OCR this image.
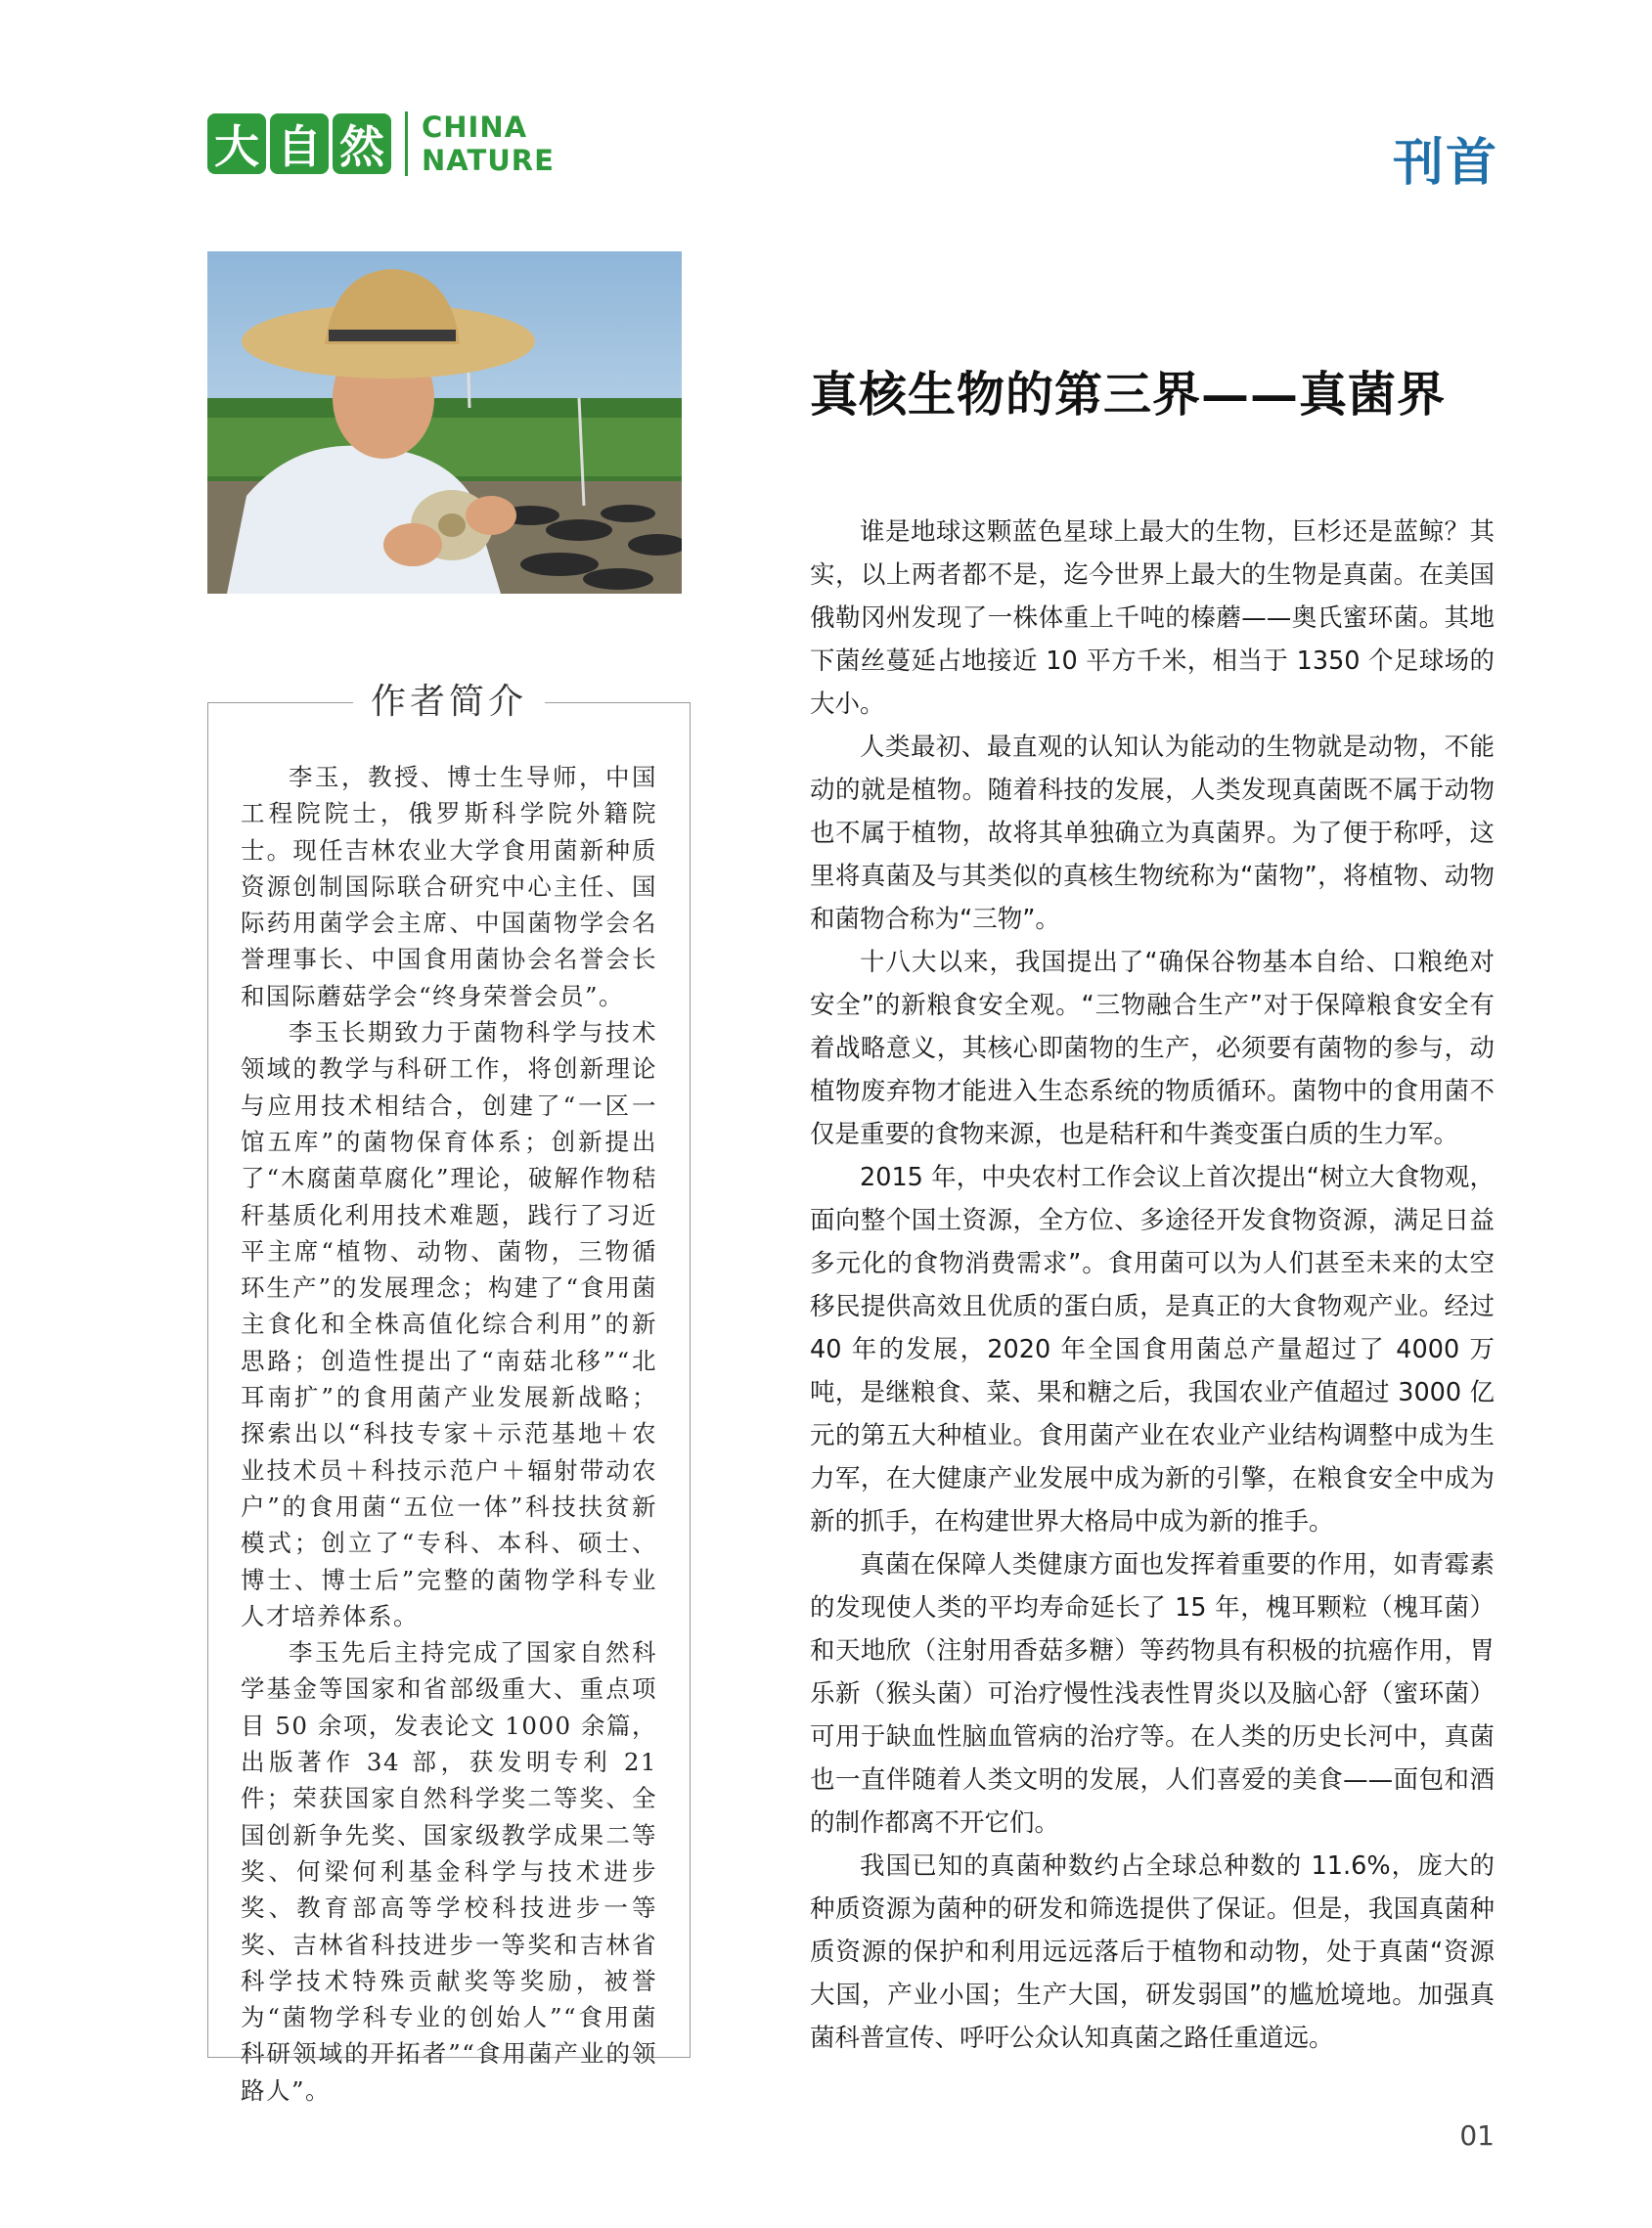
大 自 然 CHINA
NATURE	刊首
作者简介

李玉，教授、博士生导师，中国工程院院士，俄罗斯科学院外籍院士。现任吉林农业大学食用菌新种质资源创制国际联合研究中心主任、国际药用菌学会主席、中国菌物学会名誉理事长、中国食用菌协会名誉会长和国际蘑菇学会“终身荣誉会员”。

李玉长期致力于菌物科学与技术领域的教学与科研工作，将创新理论与应用技术相结合，创建了“一区一馆五库”的菌物保育体系；创新提出了“木腐菌草腐化”理论，破解作物秸秆基质化利用技术难题，践行了习近平主席“植物、动物、菌物，三物循环生产”的发展理念；构建了“食用菌主食化和全株高值化综合利用”的新思路；创造性提出了“南菇北移”“北耳南扩”的食用菌产业发展新战略；探索出以“科技专家＋示范基地＋农业技术员＋科技示范户＋辐射带动农户”的食用菌“五位一体”科技扶贫新模式；创立了“专科、本科、硕士、博士、博士后”完整的菌物学科专业人才培养体系。

李玉先后主持完成了国家自然科学基金等国家和省部级重大、重点项目 50 余项，发表论文 1000 余篇，出版著作 34 部，获发明专利 21 件；荣获国家自然科学奖二等奖、全国创新争先奖、国家级教学成果二等奖、何梁何利基金科学与技术进步奖、教育部高等学校科技进步一等奖、吉林省科技进步一等奖和吉林省科学技术特殊贡献奖等奖励，被誉为“菌物学科专业的创始人”“食用菌科研领域的开拓者”“食用菌产业的领路人”。

真核生物的第三界——真菌界

谁是地球这颗蓝色星球上最大的生物，巨杉还是蓝鲸？其实，以上两者都不是，迄今世界上最大的生物是真菌。在美国俄勒冈州发现了一株体重上千吨的榛蘑——奥氏蜜环菌。其地下菌丝蔓延占地接近 10 平方千米，相当于 1350 个足球场的大小。

人类最初、最直观的认知认为能动的生物就是动物，不能动的就是植物。随着科技的发展，人类发现真菌既不属于动物也不属于植物，故将其单独确立为真菌界。为了便于称呼，这里将真菌及与其类似的真核生物统称为“菌物”，将植物、动物和菌物合称为“三物”。

十八大以来，我国提出了“确保谷物基本自给、口粮绝对安全”的新粮食安全观。“三物融合生产”对于保障粮食安全有着战略意义，其核心即菌物的生产，必须要有菌物的参与，动植物废弃物才能进入生态系统的物质循环。菌物中的食用菌不仅是重要的食物来源，也是秸秆和牛粪变蛋白质的生力军。

2015 年，中央农村工作会议上首次提出“树立大食物观，面向整个国土资源，全方位、多途径开发食物资源，满足日益多元化的食物消费需求”。食用菌可以为人们甚至未来的太空移民提供高效且优质的蛋白质，是真正的大食物观产业。经过 40 年的发展，2020 年全国食用菌总产量超过了 4000 万吨，是继粮食、菜、果和糖之后，我国农业产值超过 3000 亿元的第五大种植业。食用菌产业在农业产业结构调整中成为生力军，在大健康产业发展中成为新的引擎，在粮食安全中成为新的抓手，在构建世界大格局中成为新的推手。

真菌在保障人类健康方面也发挥着重要的作用，如青霉素的发现使人类的平均寿命延长了 15 年，槐耳颗粒（槐耳菌）和天地欣（注射用香菇多糖）等药物具有积极的抗癌作用，胃乐新（猴头菌）可治疗慢性浅表性胃炎以及脑心舒（蜜环菌）可用于缺血性脑血管病的治疗等。在人类的历史长河中，真菌也一直伴随着人类文明的发展，人们喜爱的美食——面包和酒的制作都离不开它们。

我国已知的真菌种数约占全球总种数的 11.6%，庞大的种质资源为菌种的研发和筛选提供了保证。但是，我国真菌种质资源的保护和利用远远落后于植物和动物，处于真菌“资源大国，产业小国；生产大国，研发弱国”的尴尬境地。加强真菌科普宣传、呼吁公众认知真菌之路任重道远。

01
